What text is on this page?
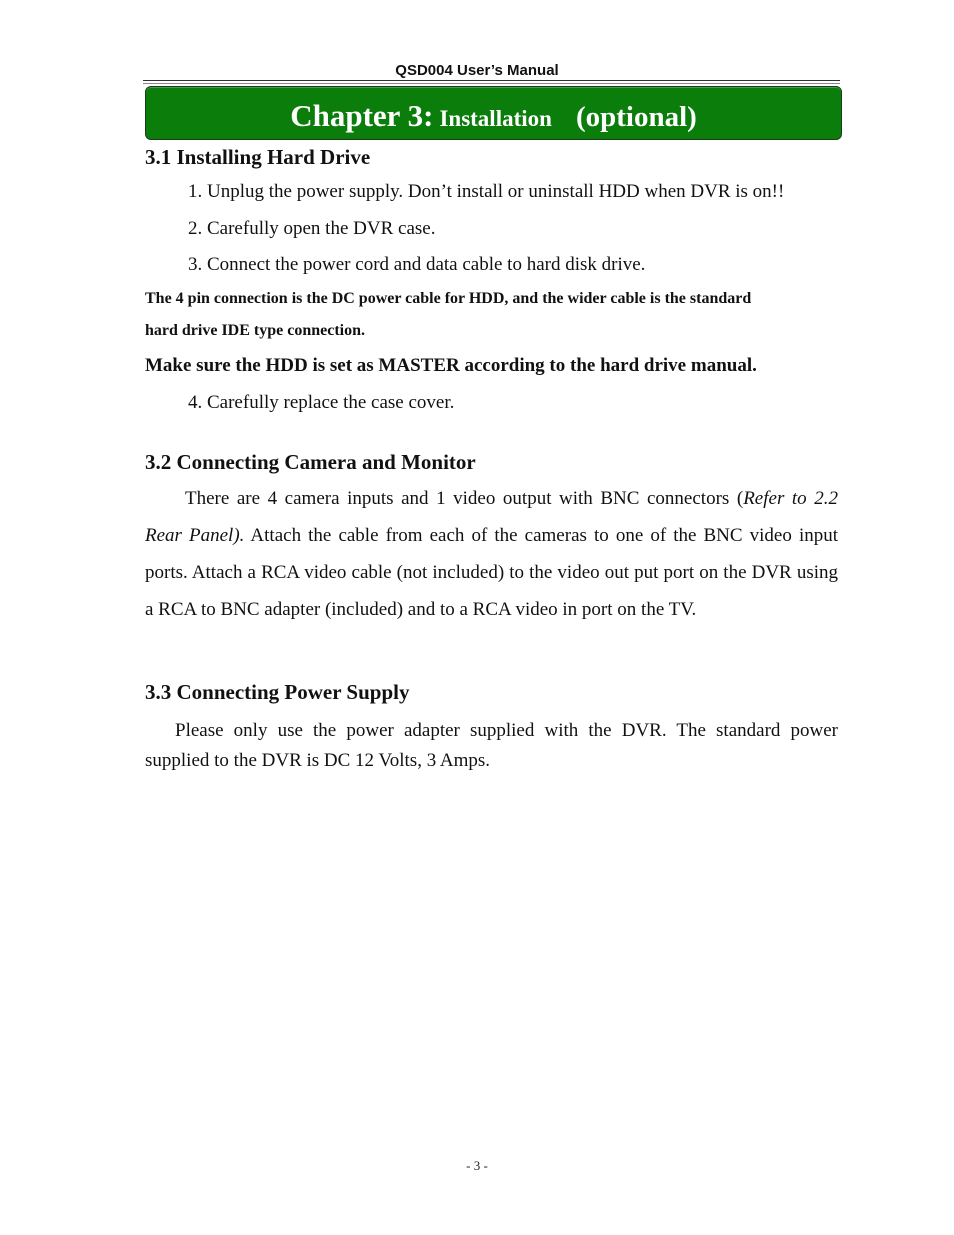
QSD004 User’s Manual
Chapter 3: Installation (optional)
3.1 Installing Hard Drive
1. Unplug the power supply. Don’t install or uninstall HDD when DVR is on!!
2. Carefully open the DVR case.
3. Connect the power cord and data cable to hard disk drive.
The 4 pin connection is the DC power cable for HDD, and the wider cable is the standard
hard drive IDE type connection.
Make sure the HDD is set as MASTER according to the hard drive manual.
4. Carefully replace the case cover.
3.2 Connecting Camera and Monitor
There are 4 camera inputs and 1 video output with BNC connectors (Refer to 2.2 Rear Panel). Attach the cable from each of the cameras to one of the BNC video input ports. Attach a RCA video cable (not included) to the video out put port on the DVR using a RCA to BNC adapter (included) and to a RCA video in port on the TV.
3.3 Connecting Power Supply
Please only use the power adapter supplied with the DVR. The standard power supplied to the DVR is DC 12 Volts, 3 Amps.
- 3 -
